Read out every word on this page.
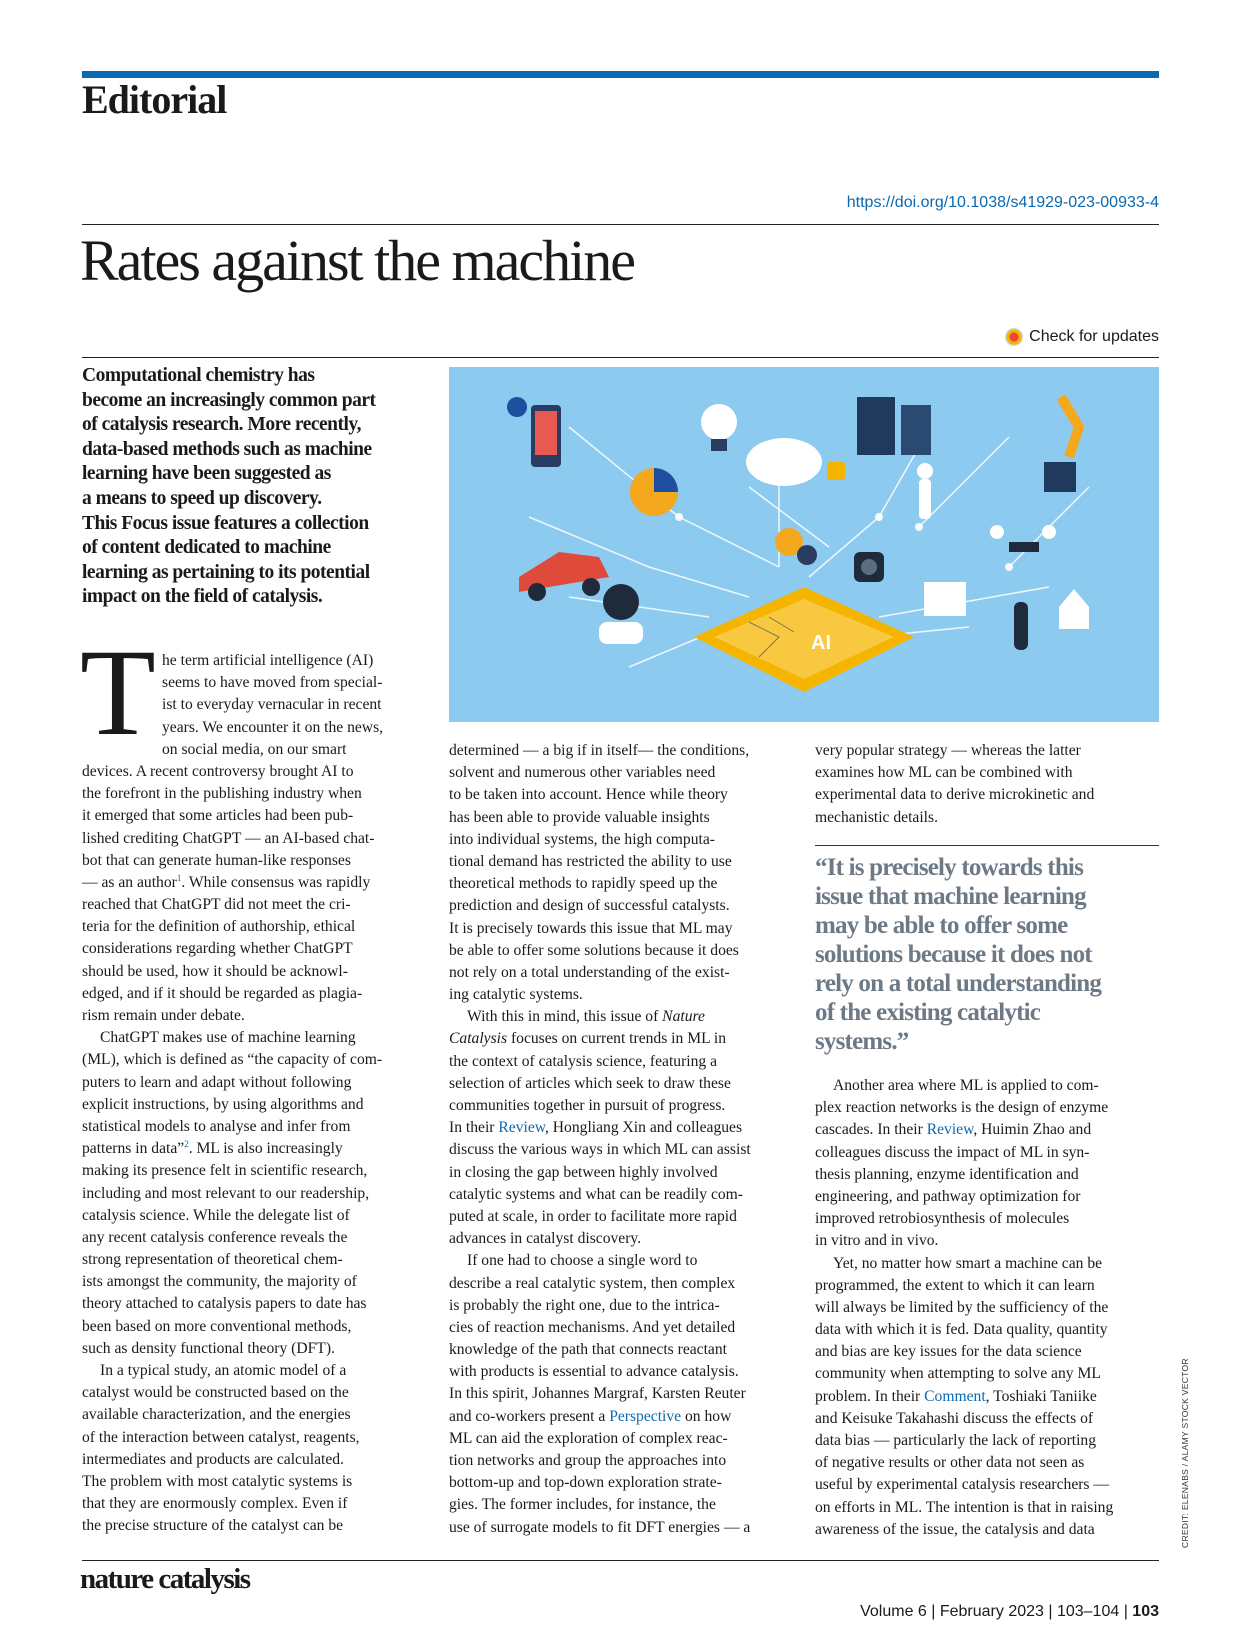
Editorial
https://doi.org/10.1038/s41929-023-00933-4
Rates against the machine
Check for updates

Computational chemistry has
become an increasingly common part
of catalysis research. More recently,
data-based methods such as machine
learning have been suggested as
a means to speed up discovery.
This Focus issue features a collection
of content dedicated to machine
learning as pertaining to its potential
impact on the field of catalysis.

AI
T he term artificial intelligence (AI)
seems to have moved from special-
ist to everyday vernacular in recent
years. We encounter it on the news,
on social media, on our smart
devices. A recent controversy brought AI to
the forefront in the publishing industry when
it emerged that some articles had been pub-
lished crediting ChatGPT — an AI-based chat-
bot that can generate human-like responses
— as an author$^1$. While consensus was rapidly
reached that ChatGPT did not meet the cri-
teria for the definition of authorship, ethical
considerations regarding whether ChatGPT
should be used, how it should be acknowl-
edged, and if it should be regarded as plagia-
rism remain under debate.
ChatGPT makes use of machine learning
(ML), which is defined as “the capacity of com-
puters to learn and adapt without following
explicit instructions, by using algorithms and
statistical models to analyse and infer from
patterns in data”$^2$. ML is also increasingly
making its presence felt in scientific research,
including and most relevant to our readership,
catalysis science. While the delegate list of
any recent catalysis conference reveals the
strong representation of theoretical chem-
ists amongst the community, the majority of
theory attached to catalysis papers to date has
been based on more conventional methods,
such as density functional theory (DFT).
In a typical study, an atomic model of a
catalyst would be constructed based on the
available characterization, and the energies
of the interaction between catalyst, reagents,
intermediates and products are calculated.
The problem with most catalytic systems is
that they are enormously complex. Even if
the precise structure of the catalyst can be
determined — a big if in itself— the conditions,
solvent and numerous other variables need
to be taken into account. Hence while theory
has been able to provide valuable insights
into individual systems, the high computa-
tional demand has restricted the ability to use
theoretical methods to rapidly speed up the
prediction and design of successful catalysts.
It is precisely towards this issue that ML may
be able to offer some solutions because it does
not rely on a total understanding of the exist-
ing catalytic systems.
With this in mind, this issue of Nature
Catalysis focuses on current trends in ML in
the context of catalysis science, featuring a
selection of articles which seek to draw these
communities together in pursuit of progress.
In their Review, Hongliang Xin and colleagues
discuss the various ways in which ML can assist
in closing the gap between highly involved
catalytic systems and what can be readily com-
puted at scale, in order to facilitate more rapid
advances in catalyst discovery.
If one had to choose a single word to
describe a real catalytic system, then complex
is probably the right one, due to the intrica-
cies of reaction mechanisms. And yet detailed
knowledge of the path that connects reactant
with products is essential to advance catalysis.
In this spirit, Johannes Margraf, Karsten Reuter
and co-workers present a Perspective on how
ML can aid the exploration of complex reac-
tion networks and group the approaches into
bottom-up and top-down exploration strate-
gies. The former includes, for instance, the
use of surrogate models to fit DFT energies — a
very popular strategy — whereas the latter
examines how ML can be combined with
experimental data to derive microkinetic and
mechanistic details.
“It is precisely towards this
issue that machine learning
may be able to offer some
solutions because it does not
rely on a total understanding
of the existing catalytic
systems.”
Another area where ML is applied to com-
plex reaction networks is the design of enzyme
cascades. In their Review, Huimin Zhao and
colleagues discuss the impact of ML in syn-
thesis planning, enzyme identification and
engineering, and pathway optimization for
improved retrobiosynthesis of molecules
in vitro and in vivo.
Yet, no matter how smart a machine can be
programmed, the extent to which it can learn
will always be limited by the sufficiency of the
data with which it is fed. Data quality, quantity
and bias are key issues for the data science
community when attempting to solve any ML
problem. In their Comment, Toshiaki Taniike
and Keisuke Takahashi discuss the effects of
data bias — particularly the lack of reporting
of negative results or other data not seen as
useful by experimental catalysis researchers —
on efforts in ML. The intention is that in raising
awareness of the issue, the catalysis and data	CREDIT: ELENABS / ALAMY STOCK VECTOR
nature catalysis
Volume 6 | February 2023 | 103–104 | 103
